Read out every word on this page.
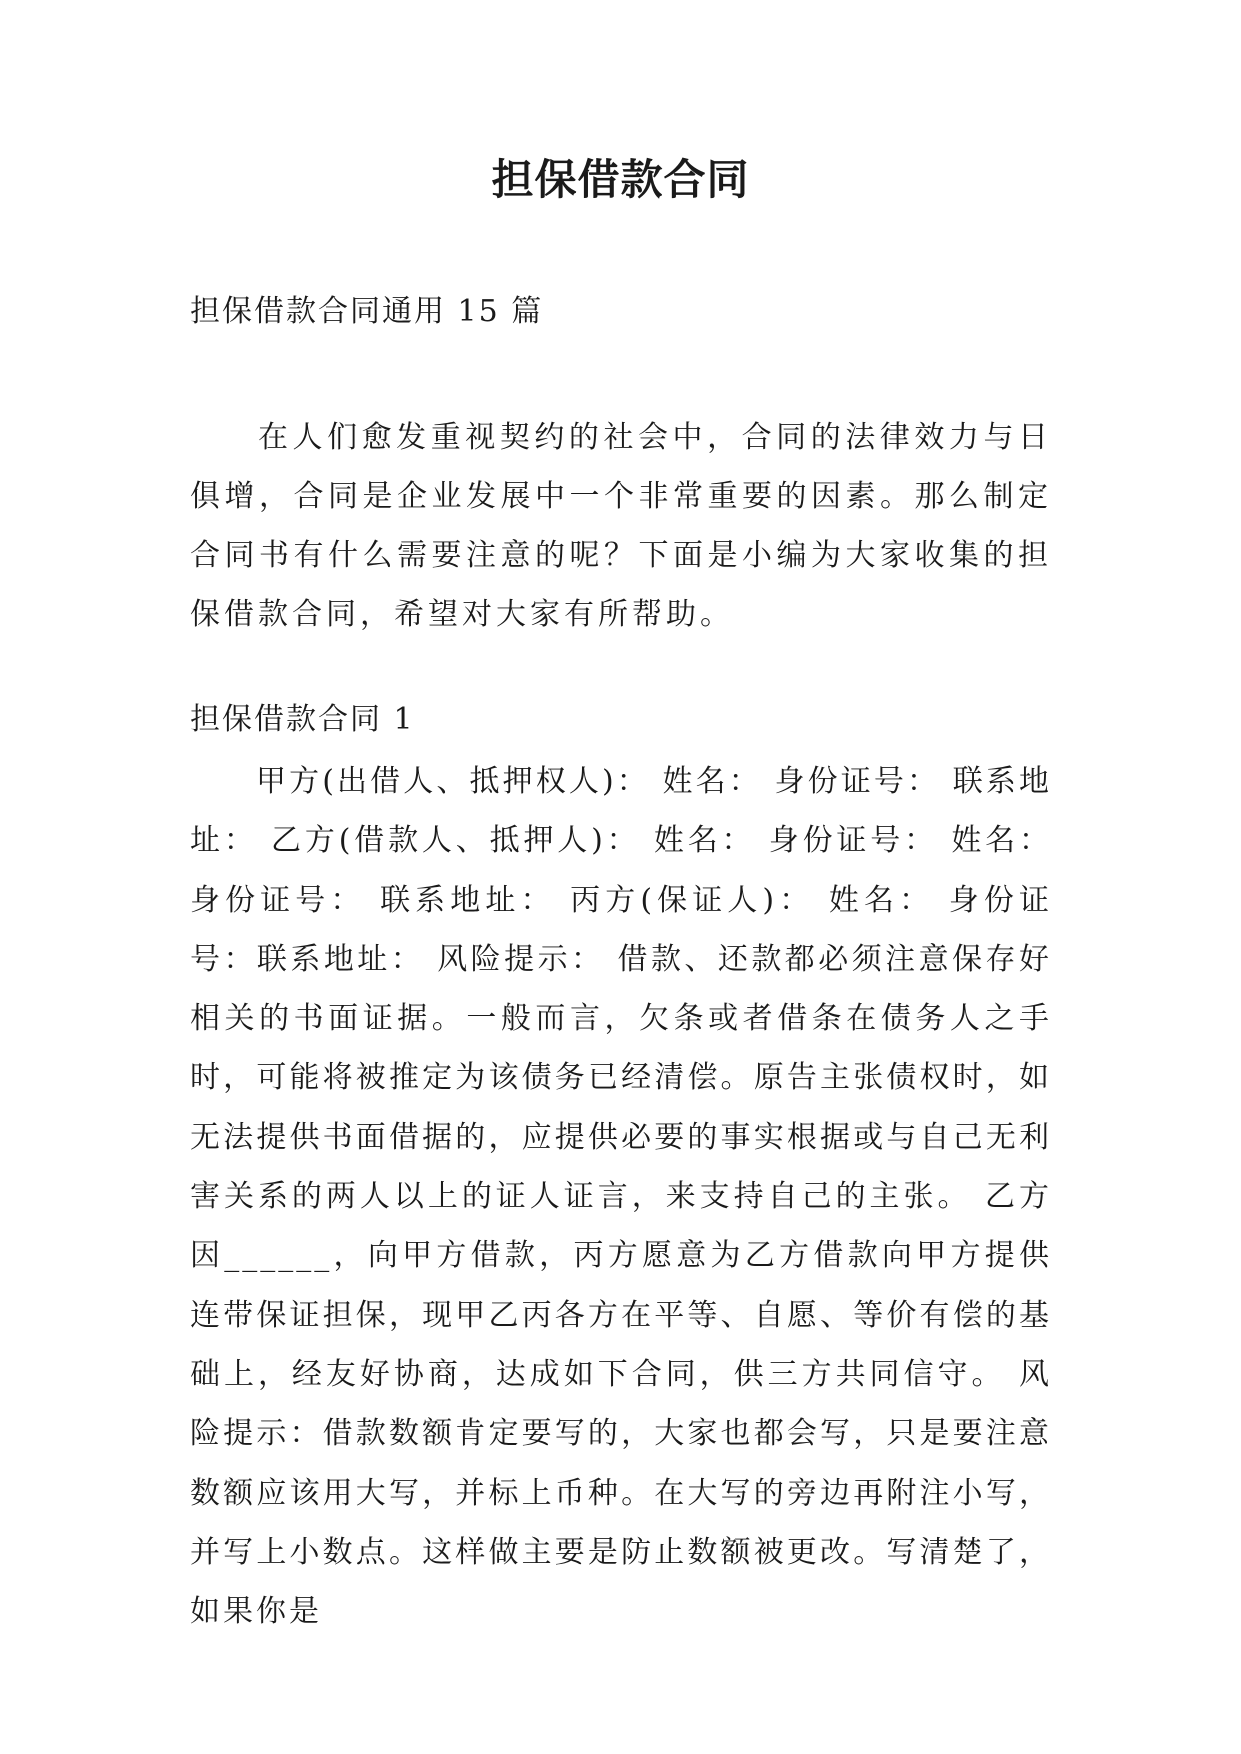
担保借款合同
担保借款合同通用 15 篇
在人们愈发重视契约的社会中，合同的法律效力与日俱增，合同是企业发展中一个非常重要的因素。那么制定合同书有什么需要注意的呢？下面是小编为大家收集的担保借款合同，希望对大家有所帮助。
担保借款合同 1
甲方(出借人、抵押权人)： 姓名： 身份证号： 联系地址： 乙方(借款人、抵押人)： 姓名： 身份证号： 姓名：身份证号： 联系地址： 丙方(保证人)： 姓名： 身份证号：联系地址： 风险提示： 借款、还款都必须注意保存好相关的书面证据。一般而言，欠条或者借条在债务人之手时，可能将被推定为该债务已经清偿。原告主张债权时，如无法提供书面借据的，应提供必要的事实根据或与自己无利害关系的两人以上的证人证言，来支持自己的主张。 乙方因______，向甲方借款，丙方愿意为乙方借款向甲方提供连带保证担保，现甲乙丙各方在平等、自愿、等价有偿的基础上，经友好协商，达成如下合同，供三方共同信守。 风险提示：借款数额肯定要写的，大家也都会写，只是要注意数额应该用大写，并标上币种。在大写的旁边再附注小写，并写上小数点。这样做主要是防止数额被更改。写清楚了，如果你是
